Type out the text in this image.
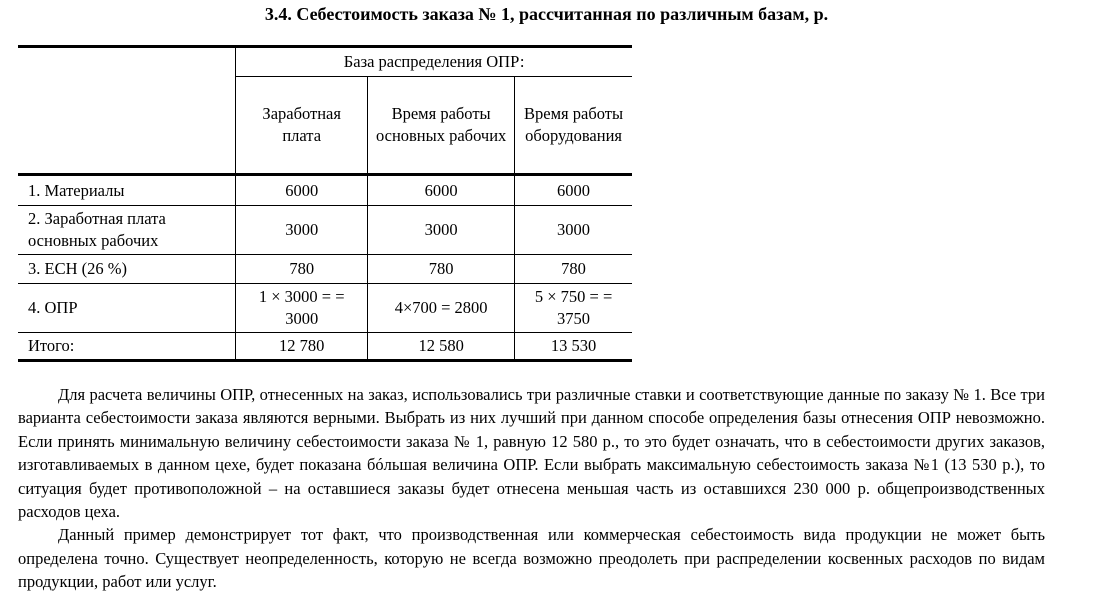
3.4. Себестоимость заказа № 1, рассчитанная по различным базам, р.
	База распределения ОПР:		
	Заработная плата	Время работы основных рабочих	Время работы оборудования
1. Материалы	6000	6000	6000
2. Заработная плата основных рабочих	3000	3000	3000
3. ЕСН (26 %)	780	780	780
4. ОПР	1 × 3000 = = 3000	4×700 = 2800	5 × 750 = = 3750
Итого:	12 780	12 580	13 530

Для расчета величины ОПР, отнесенных на заказ, использовались три различные ставки и соответствующие данные по заказу № 1. Все три варианта себестоимости заказа являются верными. Выбрать из них лучший при данном способе определения базы отнесения ОПР невозможно. Если принять минимальную величину себестоимости заказа № 1, равную 12 580 р., то это будет означать, что в себестоимости других заказов, изготавливаемых в данном цехе, будет показана бóльшая величина ОПР. Если выбрать максимальную себестоимость заказа №1 (13 530 р.), то ситуация будет противоположной – на оставшиеся заказы будет отнесена меньшая часть из оставшихся 230 000 р. общепроизводственных расходов цеха.

Данный пример демонстрирует тот факт, что производственная или коммерческая себестоимость вида продукции не может быть определена точно. Существует неопределенность, которую не всегда возможно преодолеть при распределении косвенных расходов по видам продукции, работ или услуг.
